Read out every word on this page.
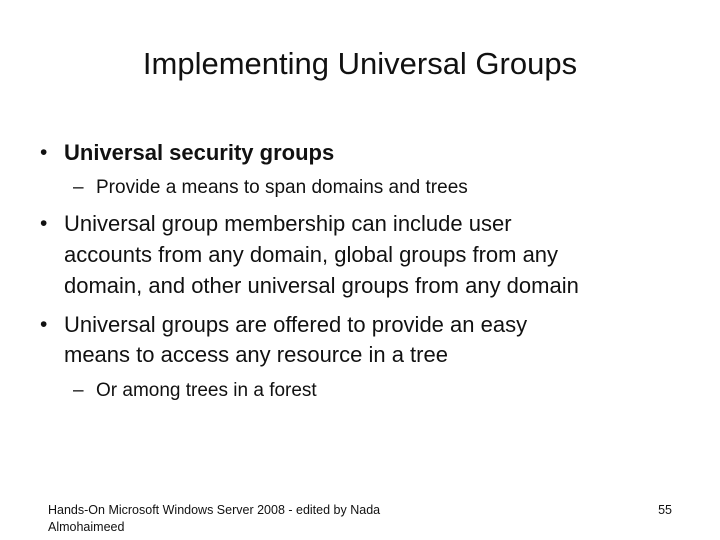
Implementing Universal Groups
• Universal security groups
– Provide a means to span domains and trees
• Universal group membership can include user
accounts from any domain, global groups from any
domain, and other universal groups from any domain
• Universal groups are offered to provide an easy
means to access any resource in a tree
– Or among trees in a forest
Hands-On Microsoft Windows Server 2008 - edited by Nada Almohaimeed
55
